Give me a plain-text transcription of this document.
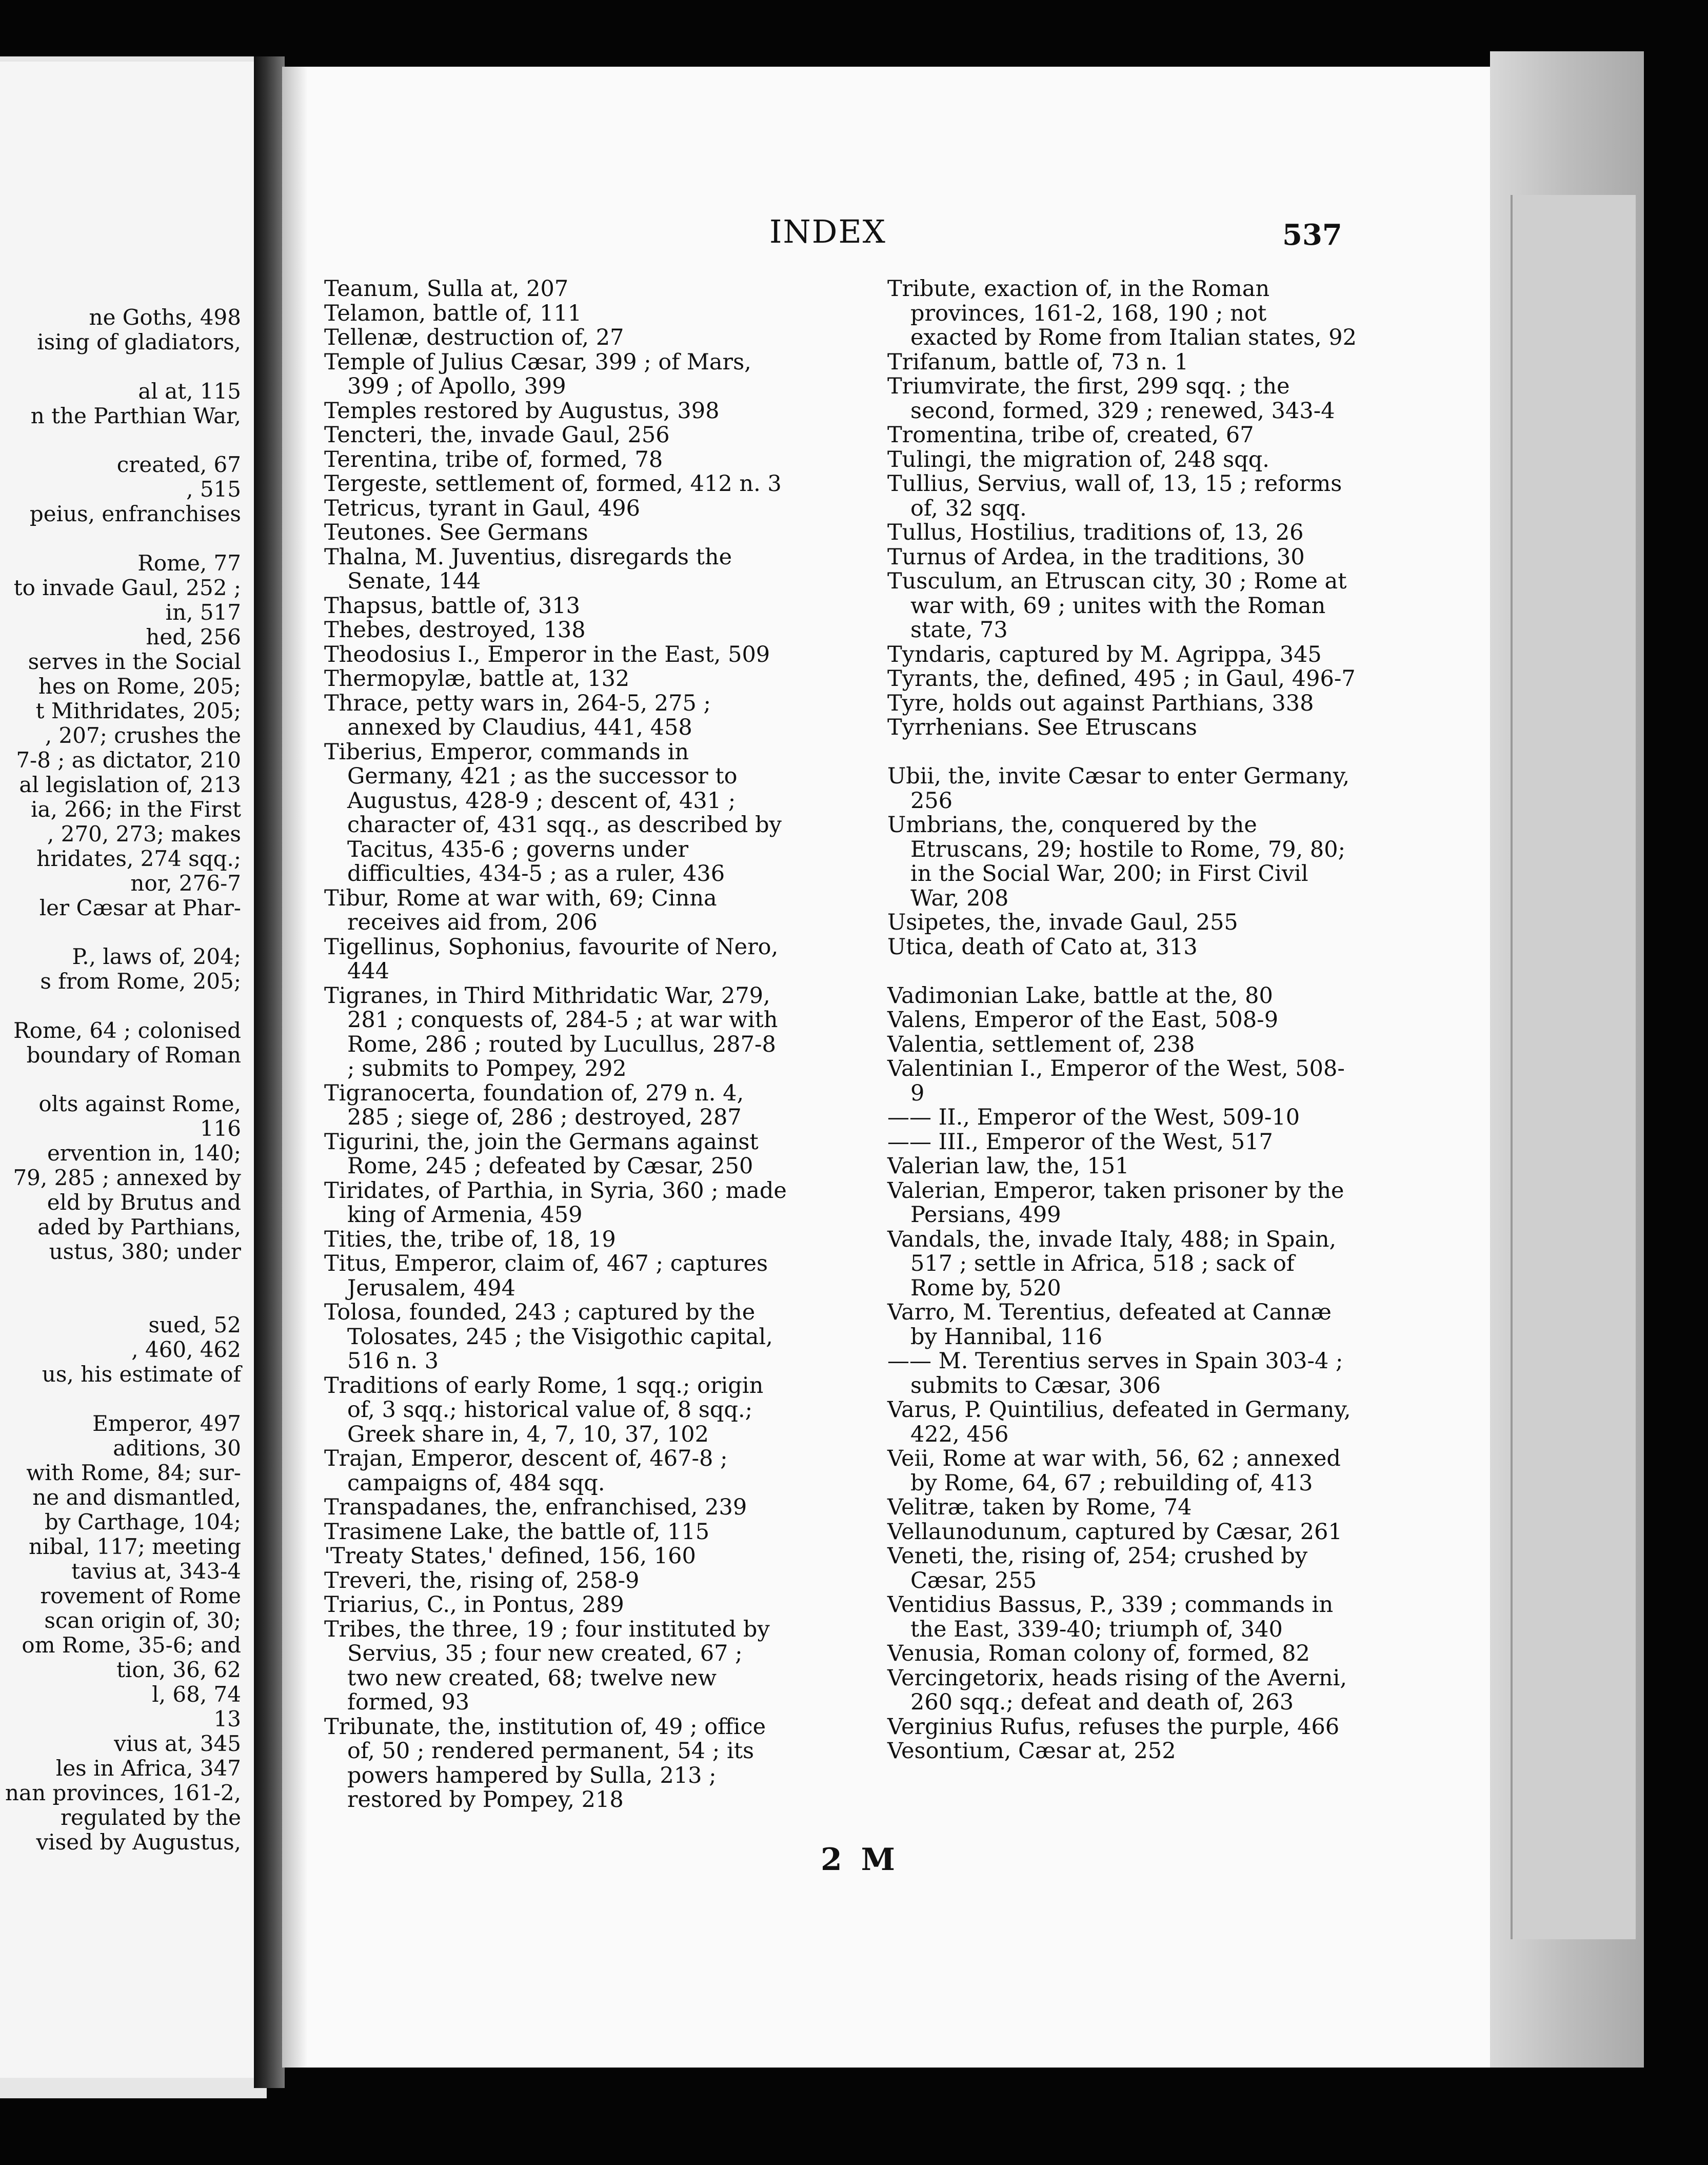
ne Goths, 498
ising of gladiators,
al at, 115
n the Parthian War,
created, 67
, 515
peius, enfranchises
Rome, 77
to invade Gaul, 252 ;
in, 517
hed, 256
serves in the Social
hes on Rome, 205;
t Mithridates, 205;
, 207; crushes the
7-8 ; as dictator, 210
al legislation of, 213
ia, 266; in the First
, 270, 273; makes
hridates, 274 sqq.;
nor, 276-7
ler Cæsar at Phar-
P., laws of, 204;
s from Rome, 205;
Rome, 64 ; colonised
boundary of Roman
olts against Rome,
116
ervention in, 140;
79, 285 ; annexed by
eld by Brutus and
aded by Parthians,
ustus, 380; under
sued, 52
, 460, 462
us, his estimate of
Emperor, 497
aditions, 30
with Rome, 84; sur-
ne and dismantled,
by Carthage, 104;
nibal, 117; meeting
tavius at, 343-4
rovement of Rome
scan origin of, 30;
om Rome, 35-6; and
tion, 36, 62
l, 68, 74
13
vius at, 345
les in Africa, 347
nan provinces, 161-2,
regulated by the
vised by Augustus,
INDEX	537
Teanum, Sulla at, 207
Telamon, battle of, 111
Tellenæ, destruction of, 27
Temple of Julius Cæsar, 399 ; of Mars, 399 ; of Apollo, 399
Temples restored by Augustus, 398
Tencteri, the, invade Gaul, 256
Terentina, tribe of, formed, 78
Tergeste, settlement of, formed, 412 n. 3
Tetricus, tyrant in Gaul, 496
Teutones. See Germans
Thalna, M. Juventius, disregards the Senate, 144
Thapsus, battle of, 313
Thebes, destroyed, 138
Theodosius I., Emperor in the East, 509
Thermopylæ, battle at, 132
Thrace, petty wars in, 264-5, 275 ; annexed by Claudius, 441, 458
Tiberius, Emperor, commands in Germany, 421 ; as the successor to Augustus, 428-9 ; descent of, 431 ; character of, 431 sqq., as described by Tacitus, 435-6 ; governs under difficulties, 434-5 ; as a ruler, 436
Tibur, Rome at war with, 69; Cinna receives aid from, 206
Tigellinus, Sophonius, favourite of Nero, 444
Tigranes, in Third Mithridatic War, 279, 281 ; conquests of, 284-5 ; at war with Rome, 286 ; routed by Lucullus, 287-8 ; submits to Pompey, 292
Tigranocerta, foundation of, 279 n. 4, 285 ; siege of, 286 ; destroyed, 287
Tigurini, the, join the Germans against Rome, 245 ; defeated by Cæsar, 250
Tiridates, of Parthia, in Syria, 360 ; made king of Armenia, 459
Tities, the, tribe of, 18, 19
Titus, Emperor, claim of, 467 ; captures Jerusalem, 494
Tolosa, founded, 243 ; captured by the Tolosates, 245 ; the Visigothic capital, 516 n. 3
Traditions of early Rome, 1 sqq.; origin of, 3 sqq.; historical value of, 8 sqq.; Greek share in, 4, 7, 10, 37, 102
Trajan, Emperor, descent of, 467-8 ; campaigns of, 484 sqq.
Transpadanes, the, enfranchised, 239
Trasimene Lake, the battle of, 115
'Treaty States,' defined, 156, 160
Treveri, the, rising of, 258-9
Triarius, C., in Pontus, 289
Tribes, the three, 19 ; four instituted by Servius, 35 ; four new created, 67 ; two new created, 68; twelve new formed, 93
Tribunate, the, institution of, 49 ; office of, 50 ; rendered permanent, 54 ; its powers hampered by Sulla, 213 ; restored by Pompey, 218
Tribute, exaction of, in the Roman provinces, 161-2, 168, 190 ; not exacted by Rome from Italian states, 92
Trifanum, battle of, 73 n. 1
Triumvirate, the first, 299 sqq. ; the second, formed, 329 ; renewed, 343-4
Tromentina, tribe of, created, 67
Tulingi, the migration of, 248 sqq.
Tullius, Servius, wall of, 13, 15 ; reforms of, 32 sqq.
Tullus, Hostilius, traditions of, 13, 26
Turnus of Ardea, in the traditions, 30
Tusculum, an Etruscan city, 30 ; Rome at war with, 69 ; unites with the Roman state, 73
Tyndaris, captured by M. Agrippa, 345
Tyrants, the, defined, 495 ; in Gaul, 496-7
Tyre, holds out against Parthians, 338
Tyrrhenians. See Etruscans
Ubii, the, invite Cæsar to enter Germany, 256
Umbrians, the, conquered by the Etruscans, 29; hostile to Rome, 79, 80; in the Social War, 200; in First Civil War, 208
Usipetes, the, invade Gaul, 255
Utica, death of Cato at, 313
Vadimonian Lake, battle at the, 80
Valens, Emperor of the East, 508-9
Valentia, settlement of, 238
Valentinian I., Emperor of the West, 508-9
—— II., Emperor of the West, 509-10
—— III., Emperor of the West, 517
Valerian law, the, 151
Valerian, Emperor, taken prisoner by the Persians, 499
Vandals, the, invade Italy, 488; in Spain, 517 ; settle in Africa, 518 ; sack of Rome by, 520
Varro, M. Terentius, defeated at Cannæ by Hannibal, 116
—— M. Terentius serves in Spain 303-4 ; submits to Cæsar, 306
Varus, P. Quintilius, defeated in Germany, 422, 456
Veii, Rome at war with, 56, 62 ; annexed by Rome, 64, 67 ; rebuilding of, 413
Velitræ, taken by Rome, 74
Vellaunodunum, captured by Cæsar, 261
Veneti, the, rising of, 254; crushed by Cæsar, 255
Ventidius Bassus, P., 339 ; commands in the East, 339-40; triumph of, 340
Venusia, Roman colony of, formed, 82
Vercingetorix, heads rising of the Averni, 260 sqq.; defeat and death of, 263
Verginius Rufus, refuses the purple, 466
Vesontium, Cæsar at, 252
2 M
